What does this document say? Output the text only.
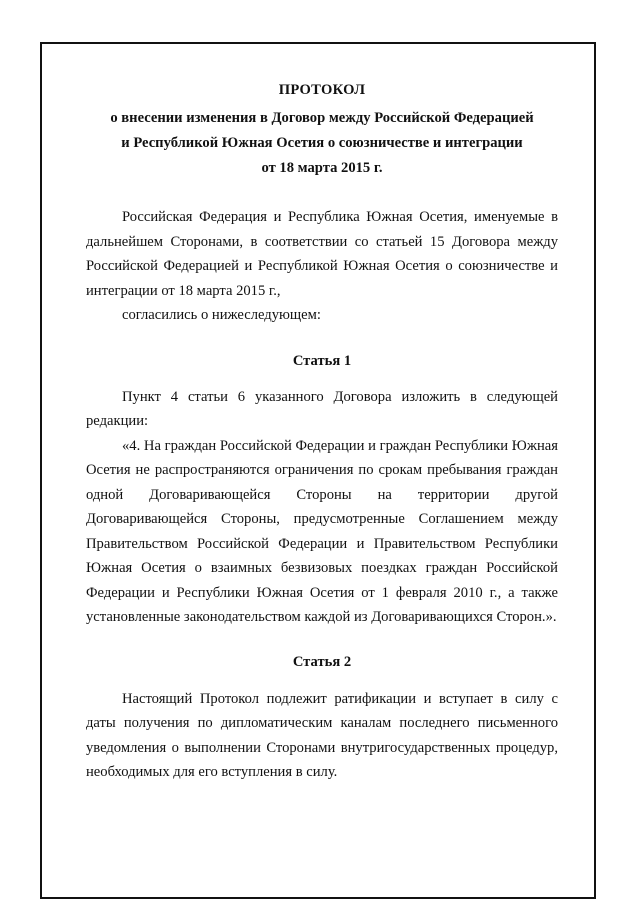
ПРОТОКОЛ
о внесении изменения в Договор между Российской Федерацией
и Республикой Южная Осетия о союзничестве и интеграции
от 18 марта 2015 г.

Российская Федерация и Республика Южная Осетия, именуемые в дальнейшем Сторонами, в соответствии со статьей 15 Договора между Российской Федерацией и Республикой Южная Осетия о союзничестве и интеграции от 18 марта 2015 г.,

согласились о нижеследующем:

Статья 1

Пункт 4 статьи 6 указанного Договора изложить в следующей редакции:

«4. На граждан Российской Федерации и граждан Республики Южная Осетия не распространяются ограничения по срокам пребывания граждан одной Договаривающейся Стороны на территории другой Договаривающейся Стороны, предусмотренные Соглашением между Правительством Российской Федерации и Правительством Республики Южная Осетия о взаимных безвизовых поездках граждан Российской Федерации и Республики Южная Осетия от 1 февраля 2010 г., а также установленные законодательством каждой из Договаривающихся Сторон.».

Статья 2

Настоящий Протокол подлежит ратификации и вступает в силу с даты получения по дипломатическим каналам последнего письменного уведомления о выполнении Сторонами внутригосударственных процедур, необходимых для его вступления в силу.
